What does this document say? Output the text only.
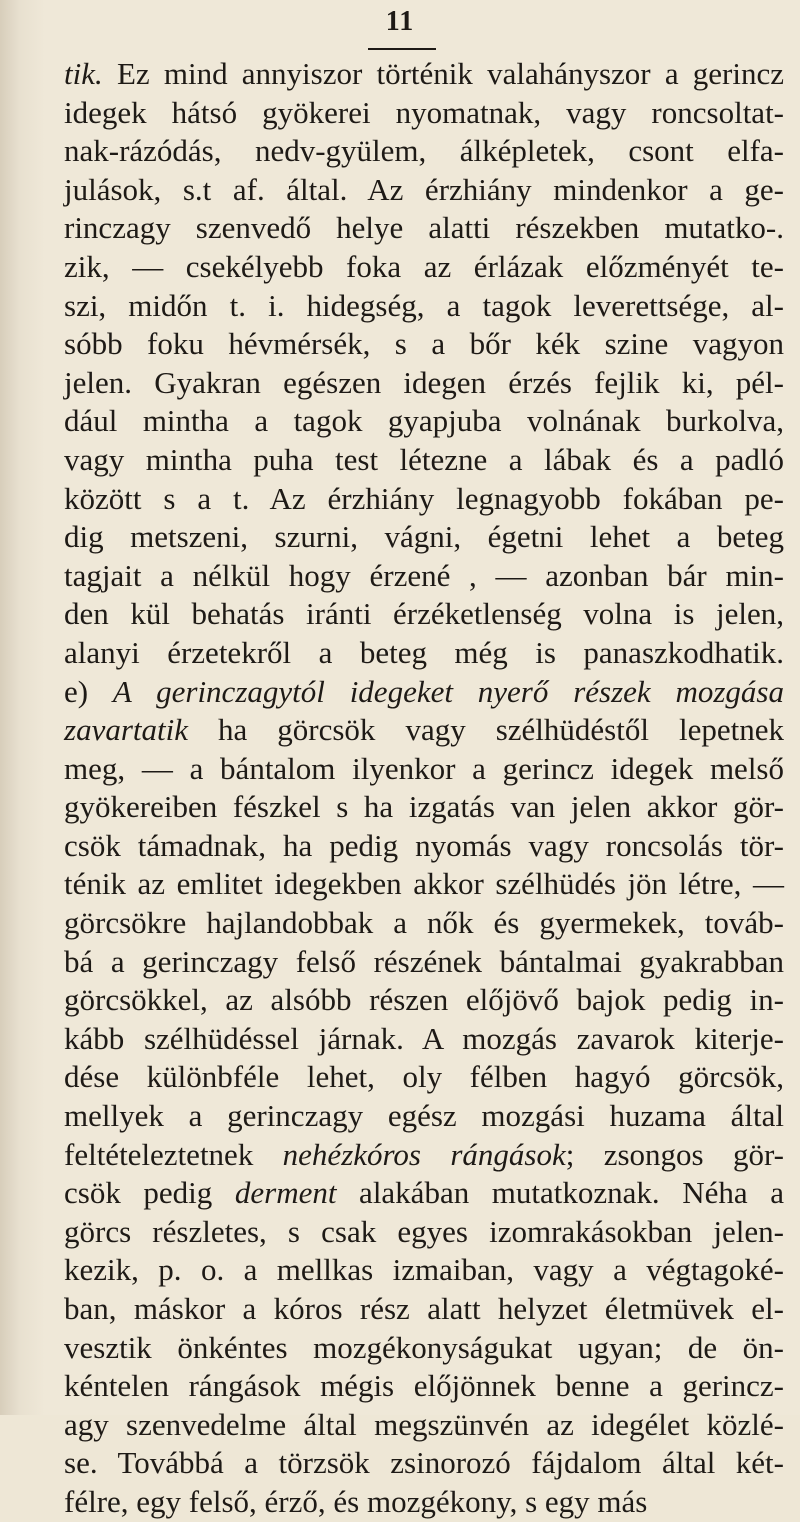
11
tik. Ez mind annyiszor történik valahányszor a gerincz
idegek hátsó gyökerei nyomatnak, vagy roncsoltat-
nak-rázódás, nedv-gyülem, álképletek, csont elfa-
julások, s.t af. által. Az érzhiány mindenkor a ge-
rinczagy szenvedő helye alatti részekben mutatko-.
zik, — csekélyebb foka az érlázak előzményét te-
szi, midőn t. i. hidegség, a tagok leverettsége, al-
sóbb foku hévmérsék, s a bőr kék szine vagyon
jelen. Gyakran egészen idegen érzés fejlik ki, pél-
dául mintha a tagok gyapjuba volnának burkolva,
vagy mintha puha test létezne a lábak és a padló
között s a t. Az érzhiány legnagyobb fokában pe-
dig metszeni, szurni, vágni, égetni lehet a beteg
tagjait a nélkül hogy érzené , — azonban bár min-
den kül behatás iránti érzéketlenség volna is jelen,
alanyi érzetekről a beteg még is panaszkodhatik.
e) A gerinczagytól idegeket nyerő részek mozgása
zavartatik ha görcsök vagy szélhüdéstől lepetnek
meg, — a bántalom ilyenkor a gerincz idegek melső
gyökereiben fészkel s ha izgatás van jelen akkor gör-
csök támadnak, ha pedig nyomás vagy roncsolás tör-
ténik az emlitet idegekben akkor szélhüdés jön létre, —
görcsökre hajlandobbak a nők és gyermekek, továb-
bá a gerinczagy felső részének bántalmai gyakrabban
görcsökkel, az alsóbb részen előjövő bajok pedig in-
kább szélhüdéssel járnak. A mozgás zavarok kiterje-
dése különbféle lehet, oly félben hagyó görcsök,
mellyek a gerinczagy egész mozgási huzama által
feltételeztetnek nehézkóros rángások; zsongos gör-
csök pedig derment alakában mutatkoznak. Néha a
görcs részletes, s csak egyes izomrakásokban jelen-
kezik, p. o. a mellkas izmaiban, vagy a végtagoké-
ban, máskor a kóros rész alatt helyzet életmüvek el-
vesztik önkéntes mozgékonyságukat ugyan; de ön-
kéntelen rángások mégis előjönnek benne a gerincz-
agy szenvedelme által megszünvén az idegélet közlé-
se. Továbbá a törzsök zsinorozó fájdalom által két-
félre, egy felső, érző, és mozgékony, s egy más
